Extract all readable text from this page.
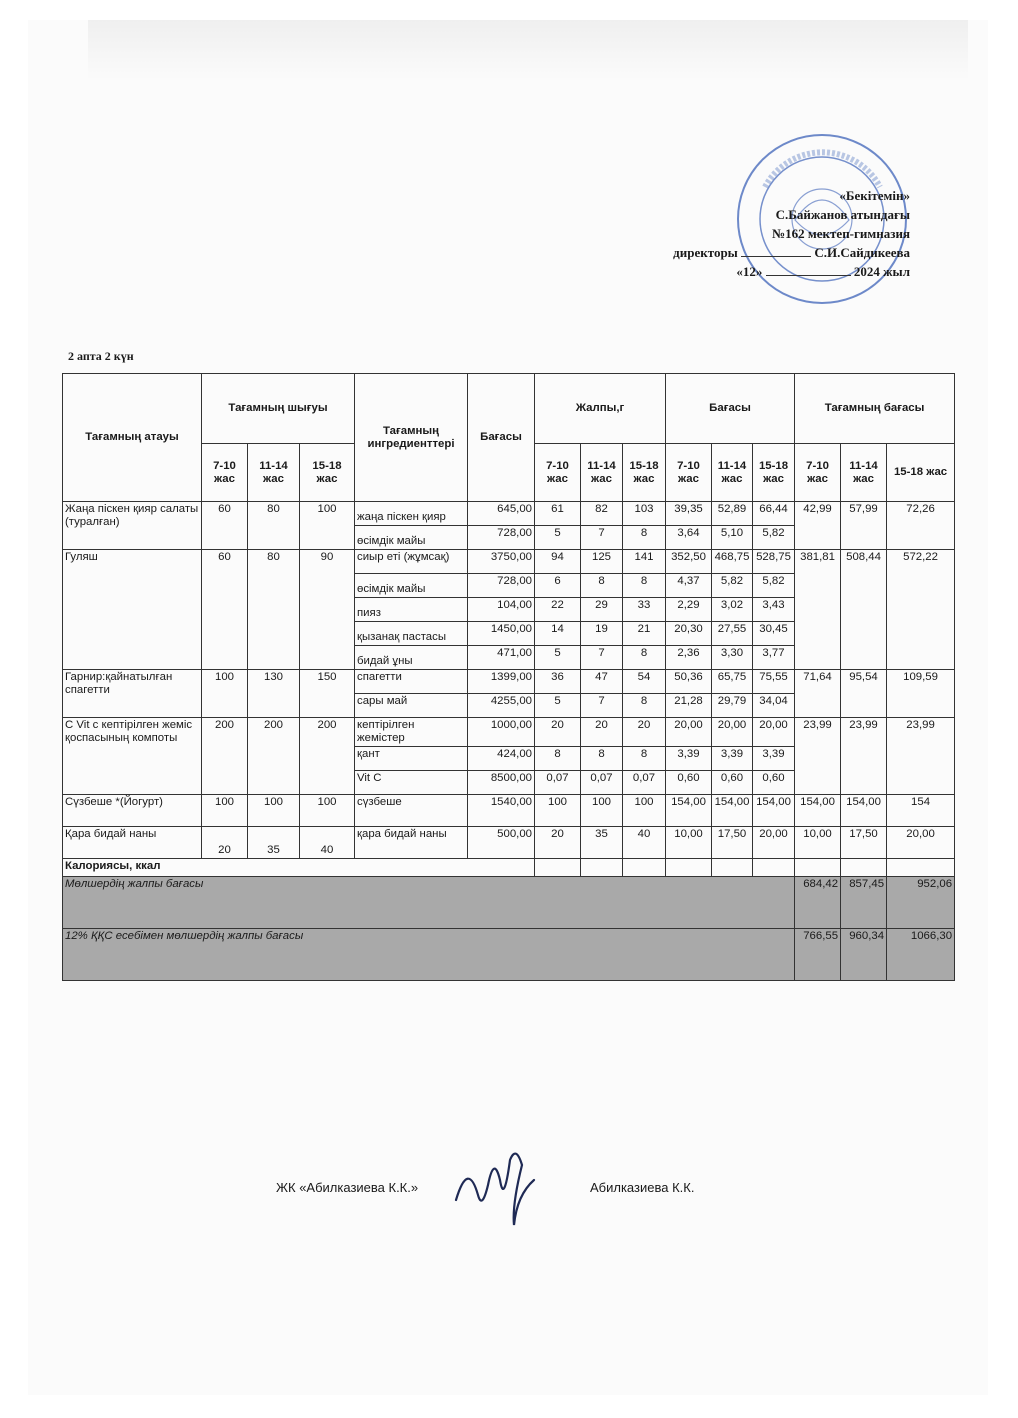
«Бекітемін»
С.Байжанов атындағы
№162 мектеп-гимназия
директоры	С.И.Сайдикеева
«12»	2024 жыл
2 апта 2 күн
Тағамның атауы	Тағамның шығуы			Тағамның ингредиенттері	Бағасы	Жалпы,г			Бағасы			Тағамның бағасы		
	7-10 жас	11-14 жас	15-18 жас			7-10 жас	11-14 жас	15-18 жас	7-10 жас	11-14 жас	15-18 жас	7-10 жас	11-14 жас	15-18 жас
Жаңа піскен қияр салаты (туралған)	60	80	100	жаңа піскен қияр	645,00	61	82	103	39,35	52,89	66,44	42,99	57,99	72,26
				өсімдік майы	728,00	5	7	8	3,64	5,10	5,82			
Гуляш	60	80	90	сиыр еті (жұмсақ)	3750,00	94	125	141	352,50	468,75	528,75	381,81	508,44	572,22
				өсімдік майы	728,00	6	8	8	4,37	5,82	5,82			
				пияз	104,00	22	29	33	2,29	3,02	3,43			
				қызанақ пастасы	1450,00	14	19	21	20,30	27,55	30,45			
				бидай ұны	471,00	5	7	8	2,36	3,30	3,77			
Гарнир:қайнатылған спагетти	100	130	150	спагетти	1399,00	36	47	54	50,36	65,75	75,55	71,64	95,54	109,59
				сары май	4255,00	5	7	8	21,28	29,79	34,04			
С Vit с кептірілген жеміс қоспасының компоты	200	200	200	кептірілген жемістер	1000,00	20	20	20	20,00	20,00	20,00	23,99	23,99	23,99
				қант	424,00	8	8	8	3,39	3,39	3,39			
				Vit C	8500,00	0,07	0,07	0,07	0,60	0,60	0,60			
Сүзбеше *(Йогурт)	100	100	100	сүзбеше	1540,00	100	100	100	154,00	154,00	154,00	154,00	154,00	154
Қара бидай наны	20	35	40	қара бидай наны	500,00	20	35	40	10,00	17,50	20,00	10,00	17,50	20,00
Калориясы, ккал														
Мөлшердің жалпы бағасы												684,42	857,45	952,06
12% ҚҚС есебімен мөлшердің жалпы бағасы												766,55	960,34	1066,30
ЖК «Абилказиева К.К.»	Абилказиева К.К.
